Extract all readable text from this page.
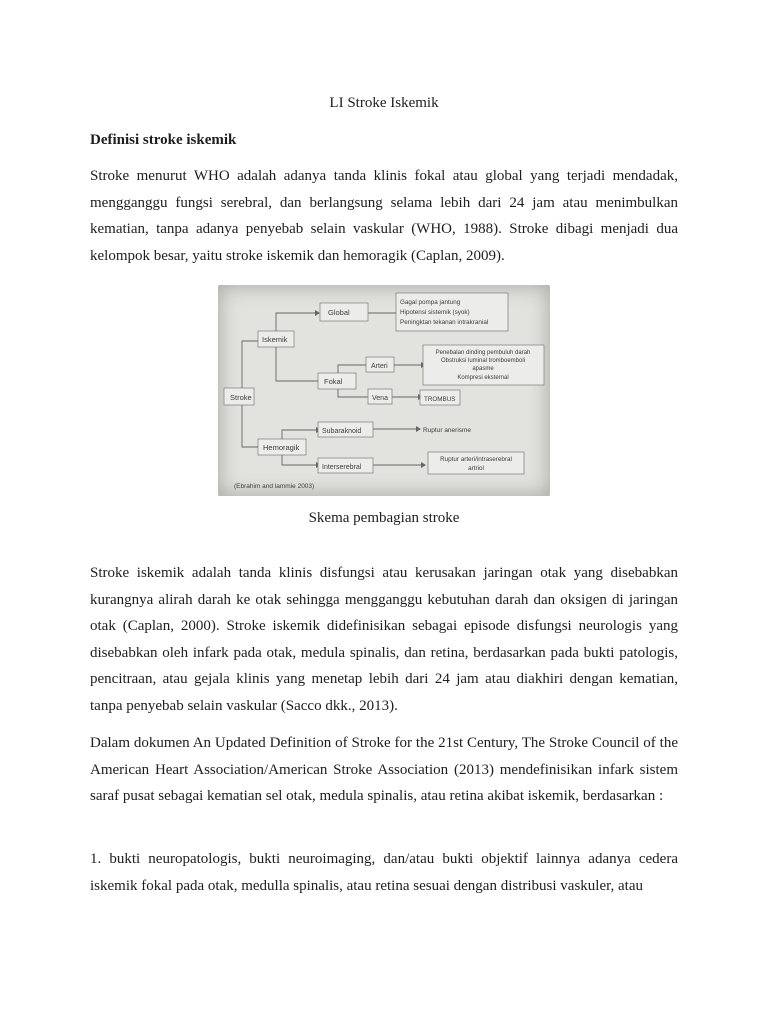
LI Stroke Iskemik
Definisi stroke iskemik

Stroke menurut WHO adalah adanya tanda klinis fokal atau global yang terjadi mendadak, mengganggu fungsi serebral, dan berlangsung selama lebih dari 24 jam atau menimbulkan kematian, tanpa adanya penyebab selain vaskular (WHO, 1988). Stroke dibagi menjadi dua kelompok besar, yaitu stroke iskemik dan hemoragik (Caplan, 2009).

Stroke
Iskemik
Hemoragik
Global
Fokal
Arteri
Vena
Subaraknoid
Interserebral
Gagal pompa jantung
Hipotensi sistemik (syok)
Peningktan tekanan intrakranial
Penebalan dinding pembuluh darah
Obstruksi luminal tromboemboli
apasme
Kompresi eksternal
TROMBUS
Ruptur anerisme
Ruptur arteri/intraserebral
artriol
(Ebrahim and lammie 2003)
Skema pembagian stroke

Stroke iskemik adalah tanda klinis disfungsi atau kerusakan jaringan otak yang disebabkan kurangnya alirah darah ke otak sehingga mengganggu kebutuhan darah dan oksigen di jaringan otak (Caplan, 2000). Stroke iskemik didefinisikan sebagai episode disfungsi neurologis yang disebabkan oleh infark pada otak, medula spinalis, dan retina, berdasarkan pada bukti patologis, pencitraan, atau gejala klinis yang menetap lebih dari 24 jam atau diakhiri dengan kematian, tanpa penyebab selain vaskular (Sacco dkk., 2013).

Dalam dokumen An Updated Definition of Stroke for the 21st Century, The Stroke Council of the American Heart Association/American Stroke Association (2013) mendefinisikan infark sistem saraf pusat sebagai kematian sel otak, medula spinalis, atau retina akibat iskemik, berdasarkan :

1. bukti neuropatologis, bukti neuroimaging, dan/atau bukti objektif lainnya adanya cedera iskemik fokal pada otak, medulla spinalis, atau retina sesuai dengan distribusi vaskuler, atau
